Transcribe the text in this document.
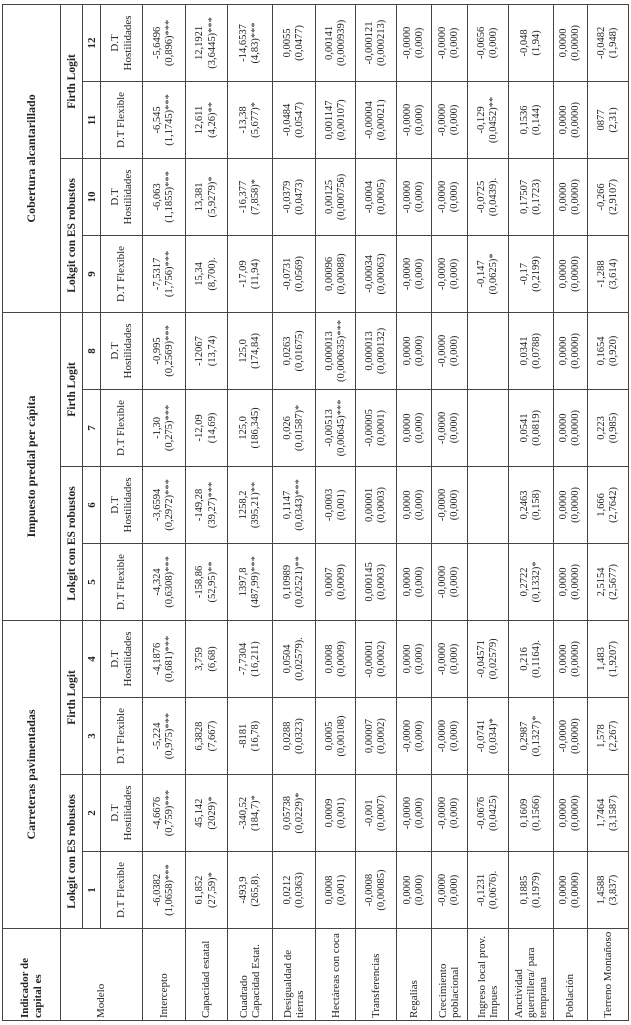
Indicador de capital es	Carreteras pavimentadas				Impuesto predial per cápita				Cobertura alcantarillado			
Modelo	Lokgit con ES robustos		Firth Logit		Lokgit con ES robustos		Firth Logit		Lokgit con ES robustos		Firth Logit	
	1	2	3	4	5	6	7	8	9	10	11	12
	D.T Flexible	D.T Hostilidades	D.T Flexible	D.T Hostilidades	D.T Flexible	D.T Hostilidades	D.T Flexible	D.T Hostilidades	D.T Flexible	D.T Hostilidades	D.T Flexible	D.T Hostilidades
Intercepto	-6,0382 (1,0658)***	-4,6676 (0,759)***	-5,224 (0,975)***	-4,1876 (0,681)***	-4,324 (0,6308)***	-3,6594 (0,2972)***	-1,30 (0,275)***	-0,995 (0,2569)***	-7,5317 (1,756)***	-6,063 (1,1855)***	-6,545 (1,1745)***	-5,6496 (0,896)***

Capacidad estatal	61,852 (27,59)*	45,142 (2029)*	6,3828 (7,667)	3,759 (6,68)	-158,86 (52,95)**	-149,28 (39,27)***	-12,09 (14,69)	-12067 (13,74)	15,34 (8,700).	13,381 (5,9279)*	12,611 (4,26)**	12,1921 (3,6445)***

Cuadrado Capacidad Estat.	-493,9 (265,8).	-340,52 (184,7)*	-8181 (16,78)	-7,7304 (16,211)	1397,8 (487,99)***	1258,2 (395,21)**	125,0 (186,345)	125,0 (174,84)	-17,09 (11,94)	-16,377 (7,858)*	-13,38 (5,677)*	-14,6537 (4,83)***

Desigualdad de tierras	0,0212 (0,0363)	0,05738 (0,0229)*	0,0288 (0,0323)	0,0504 (0,02579).	0,10989 (0,02521)**	0,1147 (0,0343)***	0,026 (0,01587)*	0,0263 (0,01675)	-0,0731 (0,0569)	-0,0379 (0,0473)	-0,0484 (0,0547)	0,0055 (0,0477)

Hectáreas con coca	0,0008 (0,001)	0,0009 (0,001)	0,0005 (0,00108)	0,0008 (0,0009)	0,0007 (0,0009)	-0,0003 (0,001)	-0,00513 (0,00645)***	0,000013 (0,000635)***	0,00096 (0,00088)	0,00125 (0,000756)	0,001147 (0,00107)	0,00141 (0,000939)

Transferencias	-0,0008 (0,00085)	-0,001 (0,0007)	0,00007 (0,0002)	-0,00001 (0,0002)	0,000145 (0,0003)	0,00001 (0,0003)	-0,00005 (0,0001)	0,000013 (0,000132)	-0,00034 (0,00063)	-0,0004 (0,0005)	-0,00004 (0,00021)	-0,000121 (0,000213)

Regalías	0,0000 (0,000)	-0,0000 (0,000)	-0,0000 (0,000)	0,0000 (0,000)	0,0000 (0,000)	0,0000 (0,000)	0,0000 (0,000)	0,0000 (0,000)	-0,0000 (0,000)	-0,0000 (0,000)	-0,0000 (0,000)	-0,0000 (0,000)

Crecimiento poblacional	-0,0000 (0,000)	-0,0000 (0,000)	-0,0000 (0,000)	-0,0000 (0,000)	-0,0000 (0,000)	-0,0000 (0,000)	-0,0000 (0,000)	-0,0000 (0,000)	-0,0000 (0,000)	-0,0000 (0,000)	-0,0000 (0,000)	-0,0000 (0,000)

Ingreso local prov. Impues	-0,1231 (0,0676).	-0,0676 (0,0425)	-0,0741 (0,034)*	-0,04571 (0,02579)					-0,147 (0,0625)*	-0,0725 (0,0439).	-0,129 (0,0452)**	-0,0656 (0,000)

Anctividad guerrillera/ para temprana	0,1885 (0,1979)	0,1609 (0,1566)	0,2987 (0,1327)*	0,216 (0,1164).	0,2722 (0,1332)*	0,2463 (0,158)	0,0541 (0,0819)	0,0341 (0,0788)	-0,17 (0,2199)	0,17507 (0,1723)	0,1536 (0,144)	-0,048 (1,94)

Población	0,0000 (0,0000)	0,0000 (0,0000)	-0,0000 (0,0000)	0,0000 (0,0000)	0,0000 (0,0000)	0,0000 (0,0000)	0,0000 (0,0000)	0,0000 (0,0000)	0,0000 (0,0000)	0,0000 (0,0000)	0,0000 (0,0000)	0,0000 (0,0000)

Terreno Montañoso	1,4588 (3,837)	1,7464 (3,1587)	1,578 (2,267)	1,483 (1,9207)	2,5154 (2,5677)	1,666 (2,7642)	0,223 (0,985)	0,1654 (0,920)	-1,288 (3,614)	-0,266 (2,9107)	0877 (2,31)	-0,0482 (1,948)
